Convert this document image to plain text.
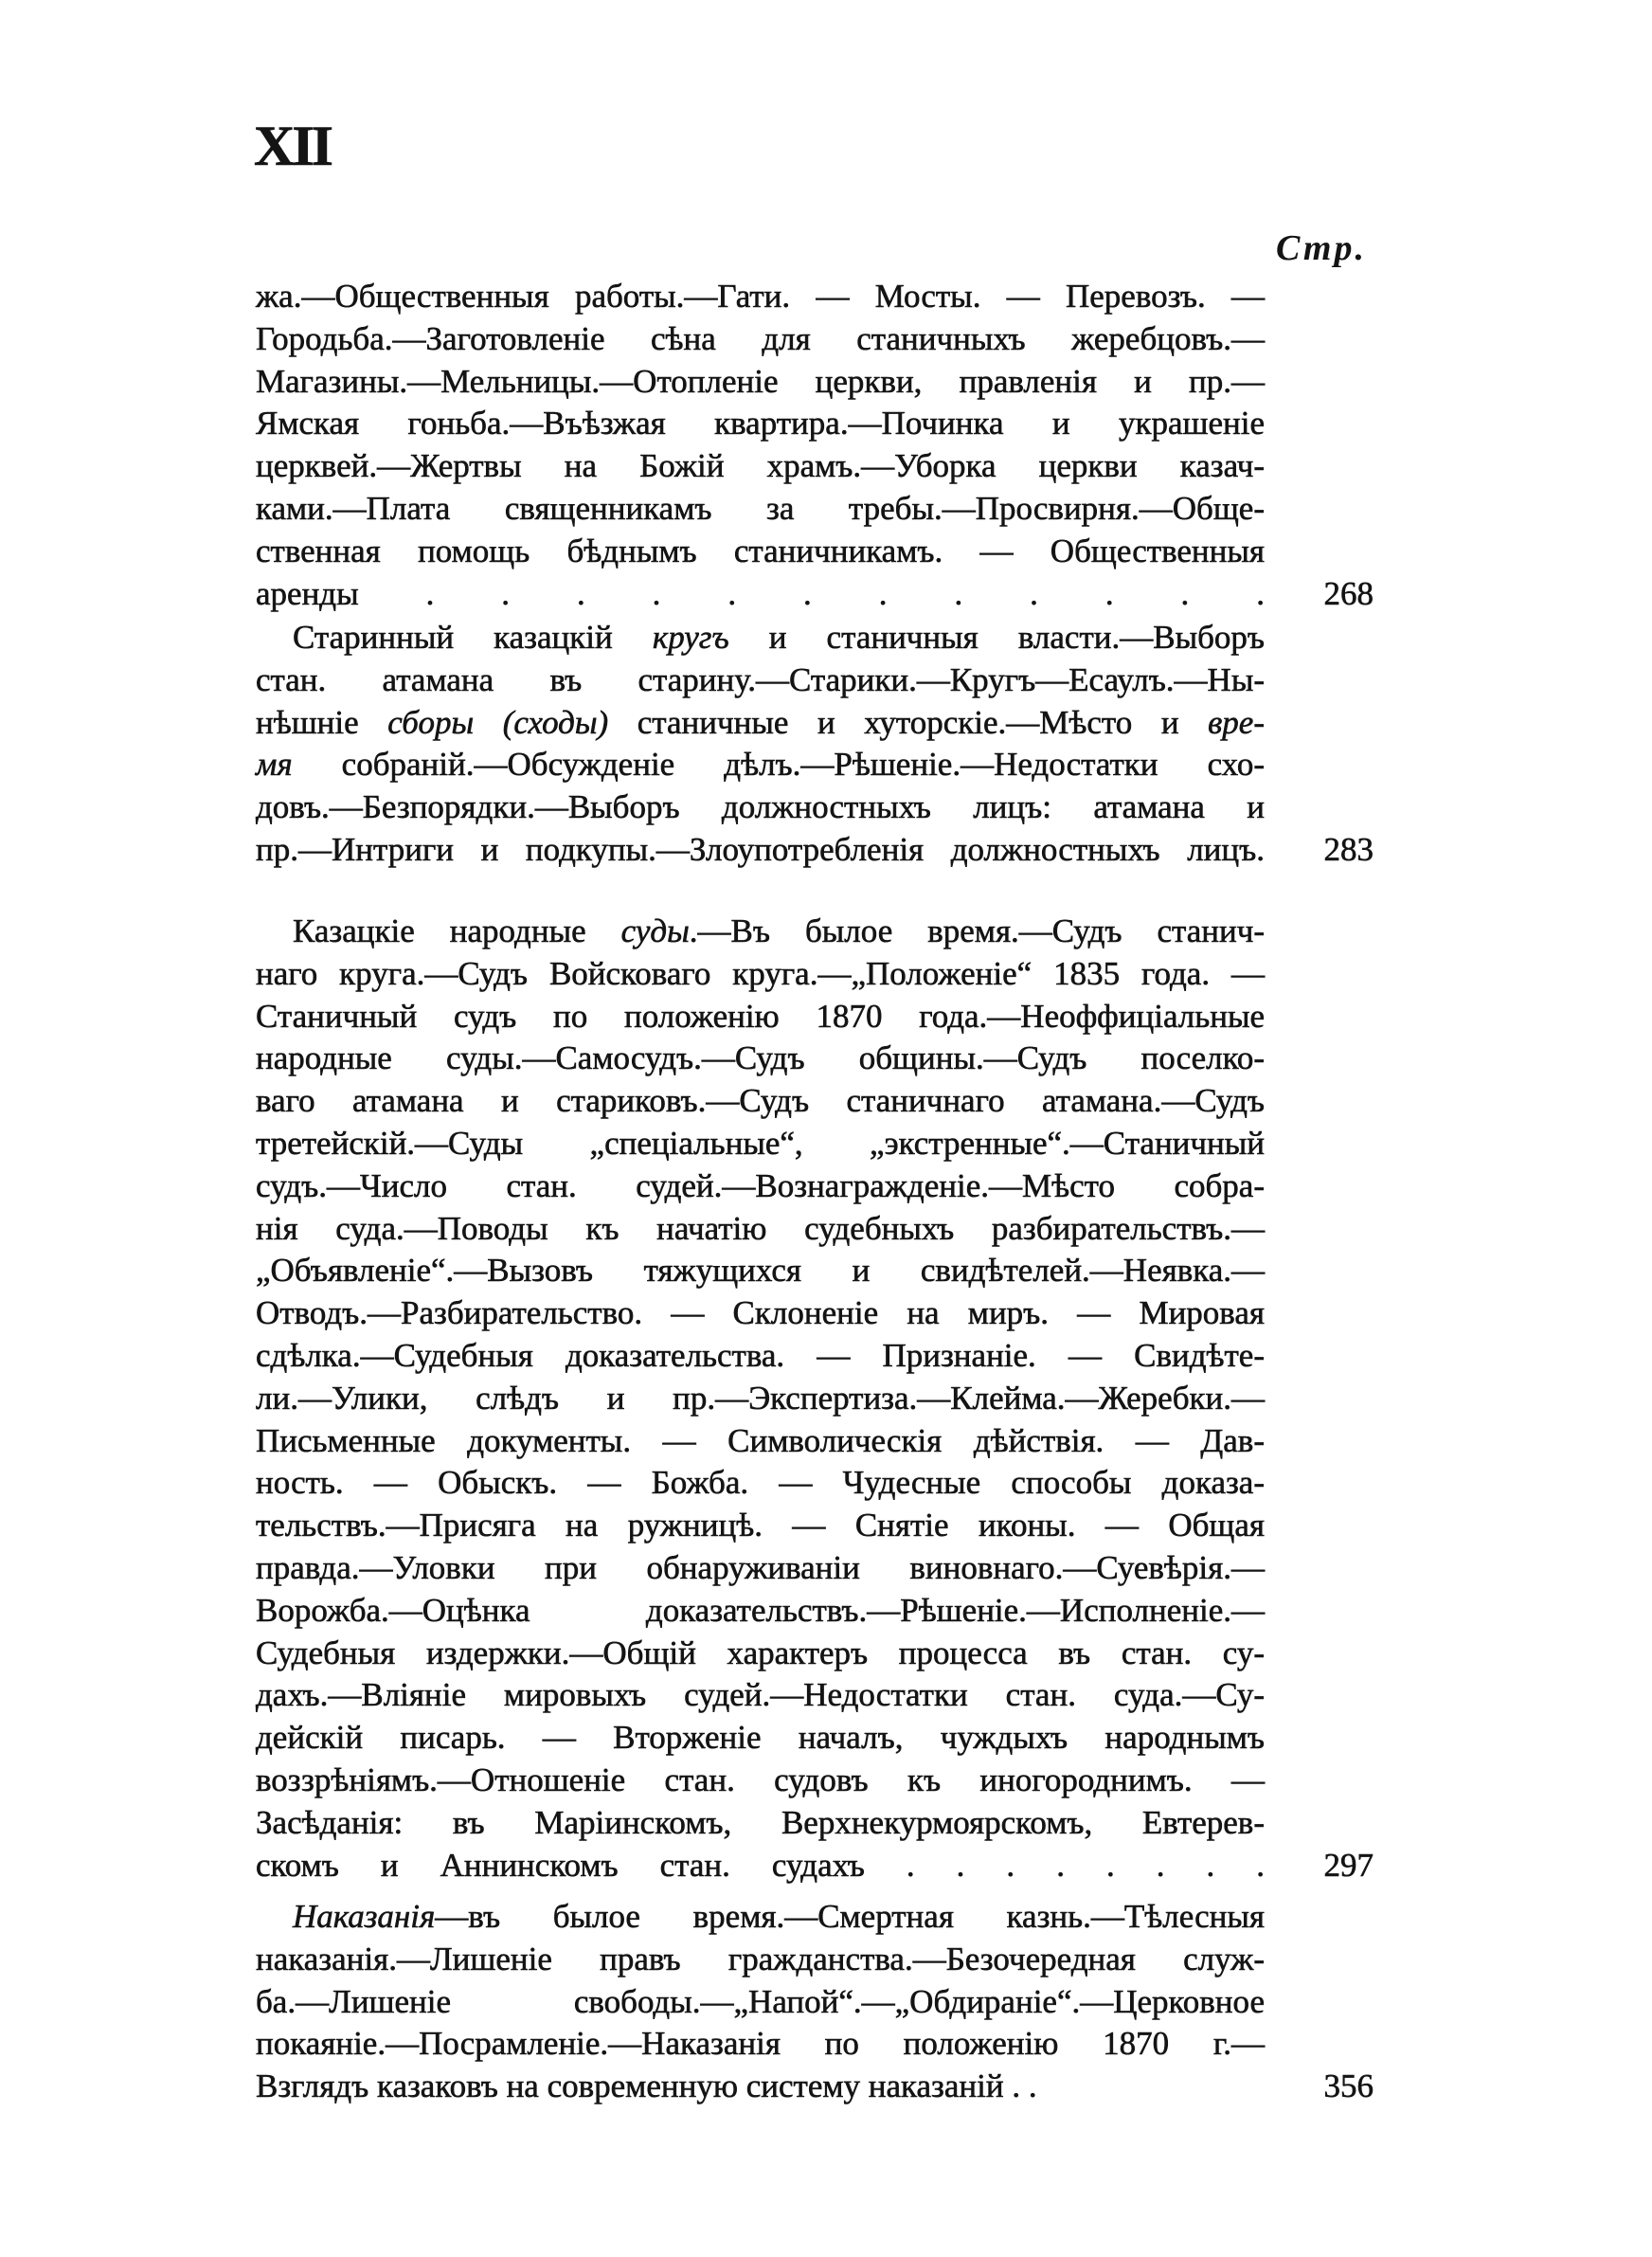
XII
Стр.
жа.—Общественныя работы.—Гати. — Мосты. — Перевозъ. —
Городьба.—Заготовленіе сѣна для станичныхъ жеребцовъ.—
Магазины.—Мельницы.—Отопленіе церкви, правленія и пр.—
Ямская гоньба.—Въѣзжая квартира.—Починка и украшеніе
церквей.—Жертвы на Божій храмъ.—Уборка церкви казач-
ками.—Плата священникамъ за требы.—Просвирня.—Обще-
ственная помощь бѣднымъ станичникамъ. — Общественныя
аренды . . . . . . . . . . . . 268
Старинный казацкій кругъ и станичныя власти.—Выборъ
стан. атамана въ старину.—Старики.—Кругъ—Есаулъ.—Ны-
нѣшніе сборы (сходы) станичные и хуторскіе.—Мѣсто и вре-
мя собраній.—Обсужденіе дѣлъ.—Рѣшеніе.—Недостатки схо-
довъ.—Безпорядки.—Выборъ должностныхъ лицъ: атамана и
пр.—Интриги и подкупы.—Злоупотребленія должностныхъ лицъ. 283
Казацкіе народные суды.—Въ былое время.—Судъ станич-
наго круга.—Судъ Войсковаго круга.—„Положеніе“ 1835 года. —
Станичный судъ по положенію 1870 года.—Неоффиціальные
народные суды.—Самосудъ.—Судъ общины.—Судъ поселко-
ваго атамана и стариковъ.—Судъ станичнаго атамана.—Судъ
третейскій.—Суды „спеціальные“, „экстренные“.—Станичный
судъ.—Число стан. судей.—Вознагражденіе.—Мѣсто собра-
нія суда.—Поводы къ начатію судебныхъ разбирательствъ.—
„Объявленіе“.—Вызовъ тяжущихся и свидѣтелей.—Неявка.—
Отводъ.—Разбирательство. — Склоненіе на миръ. — Мировая
сдѣлка.—Судебныя доказательства. — Признаніе. — Свидѣте-
ли.—Улики, слѣдъ и пр.—Экспертиза.—Клейма.—Жеребки.—
Письменные документы. — Символическія дѣйствія. — Дав-
ность. — Обыскъ. — Божба. — Чудесные способы доказа-
тельствъ.—Присяга на ружницѣ. — Снятіе иконы. — Общая
правда.—Уловки при обнаруживаніи виновнаго.—Суевѣрія.—
Ворожба.—Оцѣнка доказательствъ.—Рѣшеніе.—Исполненіе.—
Судебныя издержки.—Общій характеръ процесса въ стан. су-
дахъ.—Вліяніе мировыхъ судей.—Недостатки стан. суда.—Су-
дейскій писарь. — Вторженіе началъ, чуждыхъ народнымъ
воззрѣніямъ.—Отношеніе стан. судовъ къ иногороднимъ. —
Засѣданія: въ Маріинскомъ, Верхнекурмоярскомъ, Евтерев-
скомъ и Аннинскомъ стан. судахъ . . . . . . . . 297
Наказанія—въ былое время.—Смертная казнь.—Тѣлесныя
наказанія.—Лишеніе правъ гражданства.—Безочередная служ-
ба.—Лишеніе свободы.—„Напой“.—„Обдираніе“.—Церковное
покаяніе.—Посрамленіе.—Наказанія по положенію 1870 г.—
Взглядъ казаковъ на современную систему наказаній . .	356
